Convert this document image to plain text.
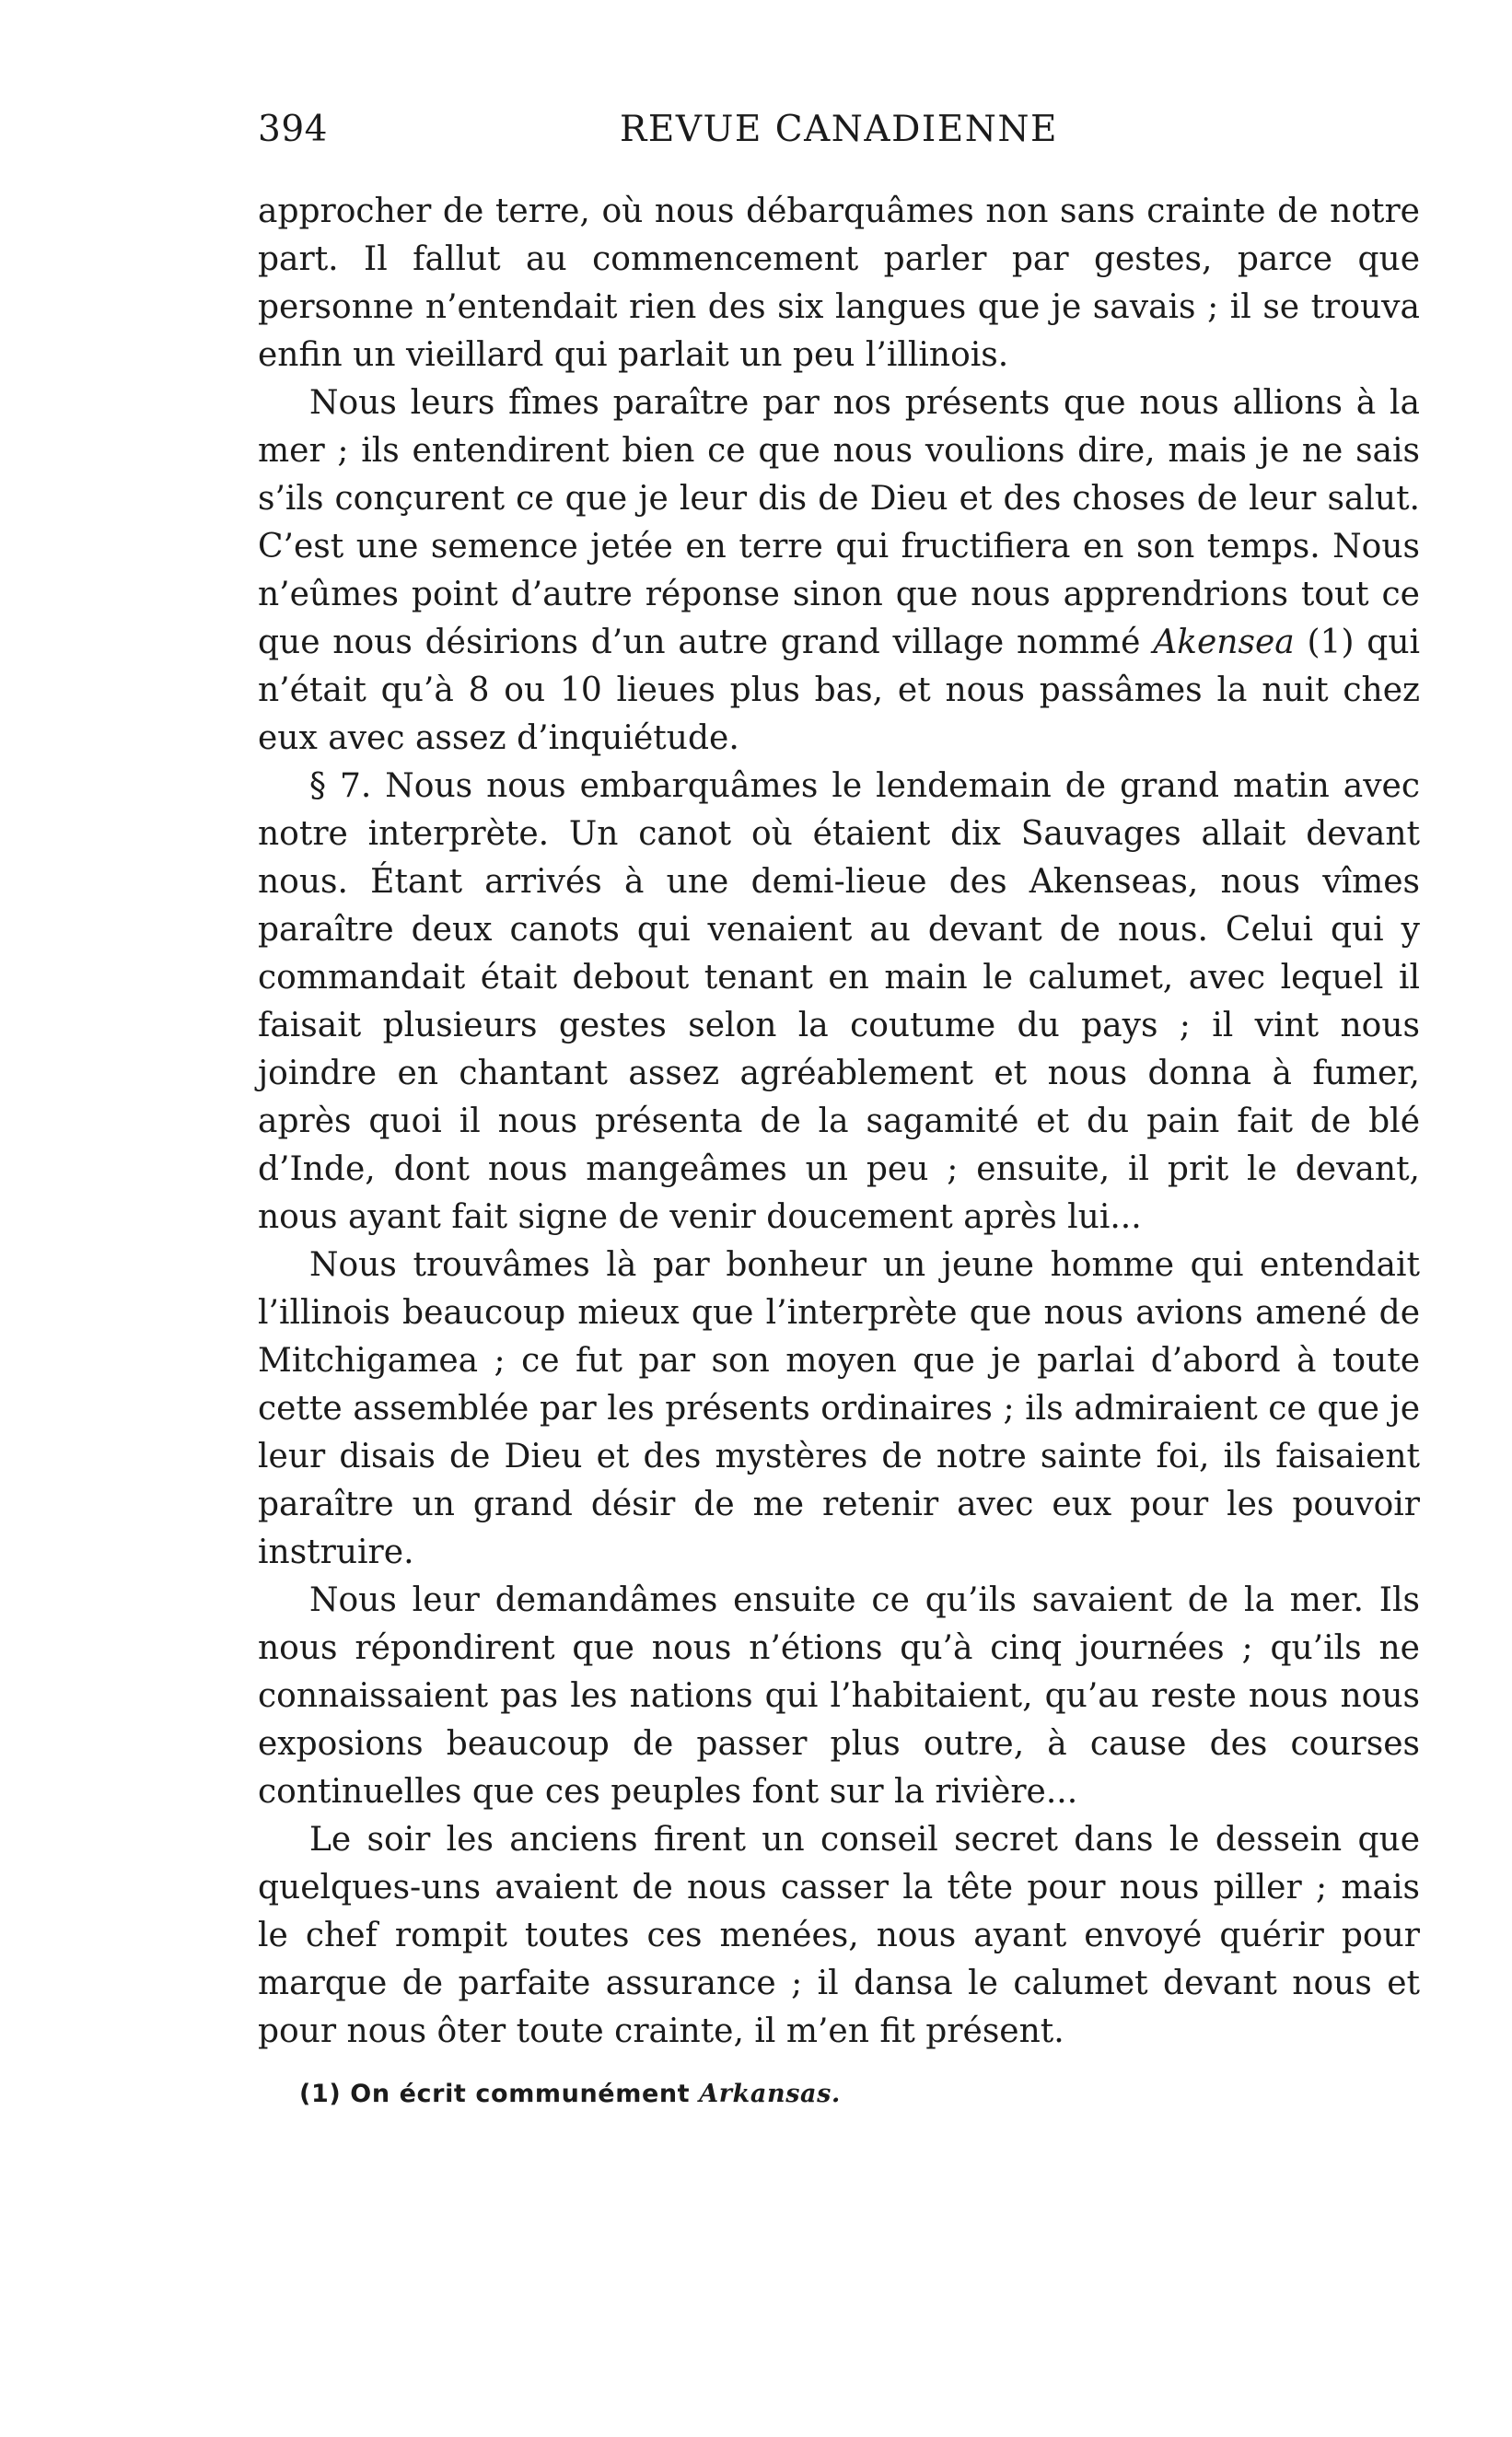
394	REVUE CANADIENNE

approcher de terre, où nous débarquâmes non sans crainte de notre part. Il fallut au commencement parler par gestes, parce que personne n’entendait rien des six langues que je savais ; il se trouva enfin un vieillard qui parlait un peu l’illinois.

Nous leurs fîmes paraître par nos présents que nous allions à la mer ; ils entendirent bien ce que nous voulions dire, mais je ne sais s’ils conçurent ce que je leur dis de Dieu et des choses de leur salut. C’est une semence jetée en terre qui fructifiera en son temps. Nous n’eûmes point d’autre réponse sinon que nous apprendrions tout ce que nous désirions d’un autre grand village nommé Akensea (1) qui n’était qu’à 8 ou 10 lieues plus bas, et nous passâmes la nuit chez eux avec assez d’inquiétude.

§ 7. Nous nous embarquâmes le lendemain de grand matin avec notre interprète. Un canot où étaient dix Sauvages allait devant nous. Étant arrivés à une demi-lieue des Akenseas, nous vîmes paraître deux canots qui venaient au devant de nous. Celui qui y commandait était debout tenant en main le calumet, avec lequel il faisait plusieurs gestes selon la coutume du pays ; il vint nous joindre en chantant assez agréablement et nous donna à fumer, après quoi il nous présenta de la sagamité et du pain fait de blé d’Inde, dont nous mangeâmes un peu ; ensuite, il prit le devant, nous ayant fait signe de venir doucement après lui...

Nous trouvâmes là par bonheur un jeune homme qui entendait l’illinois beaucoup mieux que l’interprète que nous avions amené de Mitchigamea ; ce fut par son moyen que je parlai d’abord à toute cette assemblée par les présents ordinaires ; ils admiraient ce que je leur disais de Dieu et des mystères de notre sainte foi, ils faisaient paraître un grand désir de me retenir avec eux pour les pouvoir instruire.

Nous leur demandâmes ensuite ce qu’ils savaient de la mer. Ils nous répondirent que nous n’étions qu’à cinq journées ; qu’ils ne connaissaient pas les nations qui l’habitaient, qu’au reste nous nous exposions beaucoup de passer plus outre, à cause des courses continuelles que ces peuples font sur la rivière...

Le soir les anciens firent un conseil secret dans le dessein que quelques-uns avaient de nous casser la tête pour nous piller ; mais le chef rompit toutes ces menées, nous ayant envoyé quérir pour marque de parfaite assurance ; il dansa le calumet devant nous et pour nous ôter toute crainte, il m’en fit présent.

(1) On écrit communément Arkansas.
